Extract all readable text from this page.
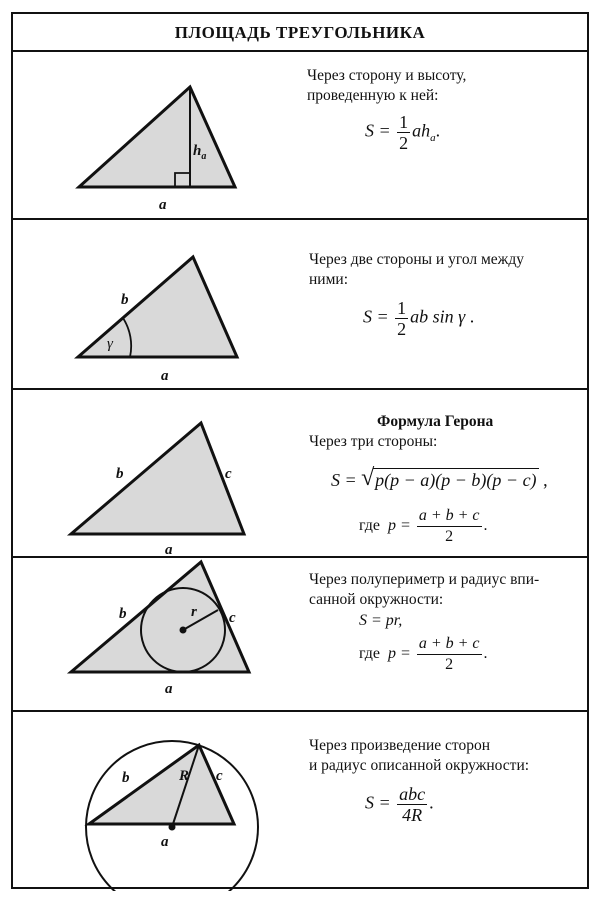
ПЛОЩАДЬ ТРЕУГОЛЬНИКА
$h_a$
a
Через сторону и высоту,
проведенную к ней:
$S = \frac{1}{2} ah_a$.
γ
b
a
Через две стороны и угол между
ними:
$S = \frac{1}{2}$ ab sin γ .
b	c
a
Формула Герона
Через три стороны:
S = √ p(p − a)(p − b)(p − c) ,
где $p = \frac{a + b + c}{2}$ .
r
b	c
a
Через полупериметр и радиус впи-
санной окружности:
S = pr,
где $p = \frac{a + b + c}{2}$ .
R
b	c
a
Через произведение сторон
и радиус описанной окружности:
$S = \frac{\text{abc}}{4R}$ .
